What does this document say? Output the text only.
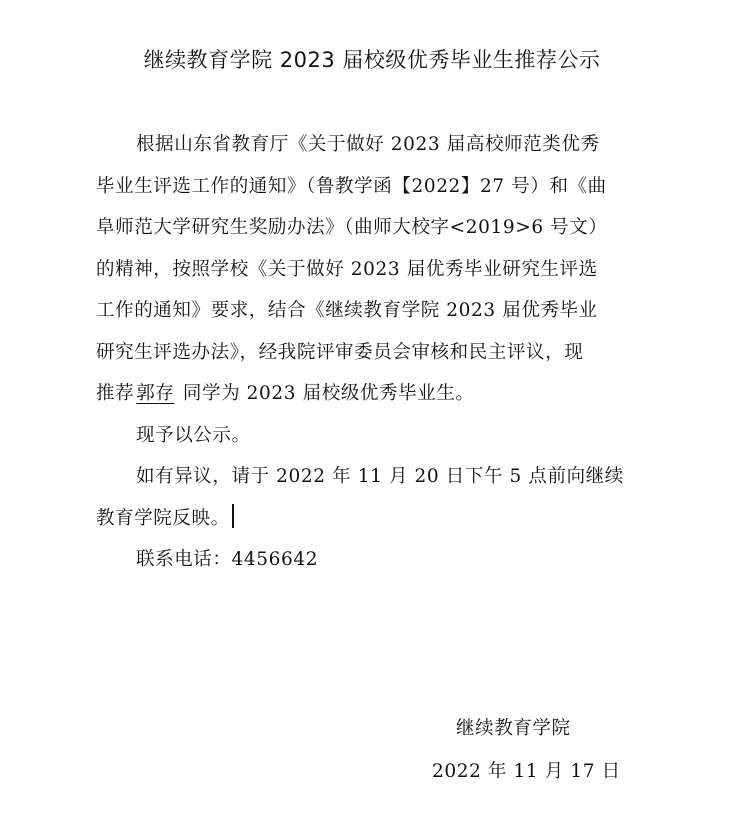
继续教育学院 2023 届校级优秀毕业生推荐公示
根据山东省教育厅《关于做好 2023 届高校师范类优秀
毕业生评选工作的通知》（鲁教学函【2022】27 号）和《曲
阜师范大学研究生奖励办法》（曲师大校字<2019>6 号文）
的精神，按照学校《关于做好 2023 届优秀毕业研究生评选
工作的通知》要求，结合《继续教育学院 2023 届优秀毕业
研究生评选办法》，经我院评审委员会审核和民主评议，现
推荐 郭存 同学为 2023 届校级优秀毕业生。
现予以公示。
如有异议，请于 2022 年 11 月 20 日下午 5 点前向继续
教育学院反映。
联系电话：4456642
继续教育学院
2022 年 11 月 17 日
